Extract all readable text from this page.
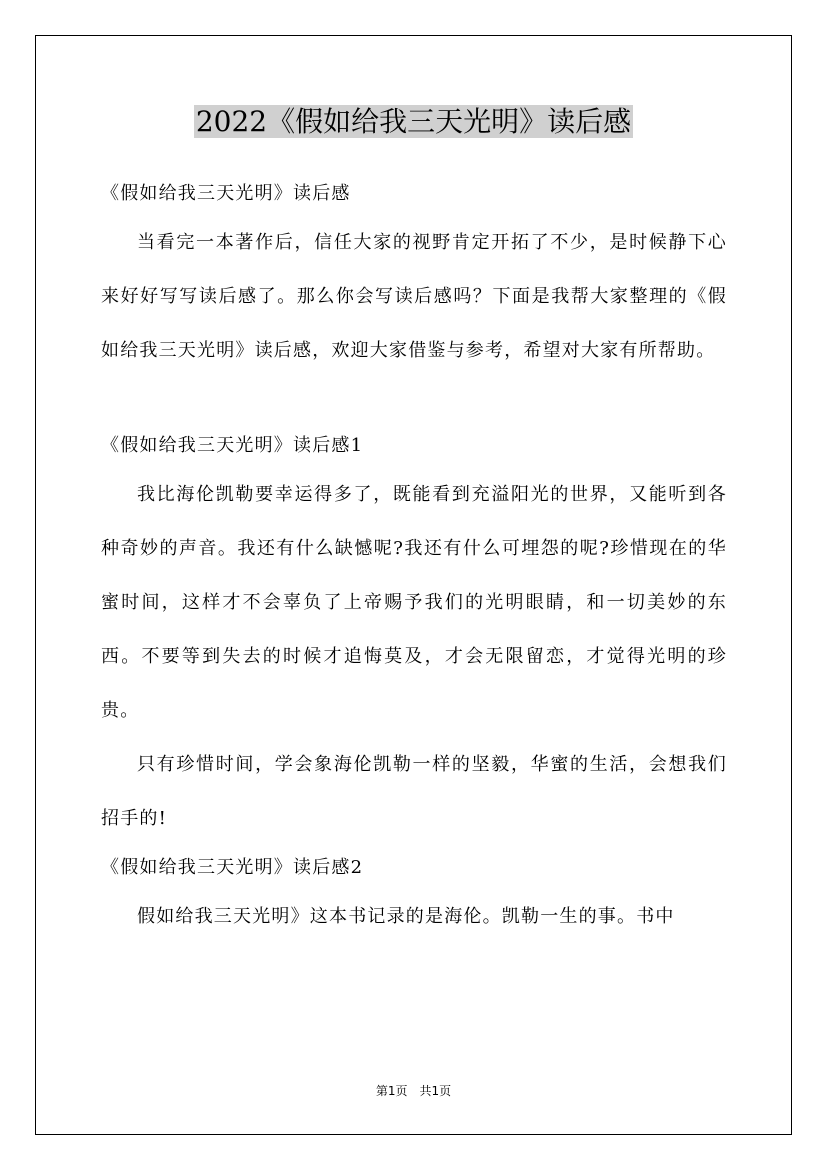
2022《假如给我三天光明》读后感

《假如给我三天光明》读后感

当看完一本著作后，信任大家的视野肯定开拓了不少，是时候静下心来好好写写读后感了。那么你会写读后感吗？下面是我帮大家整理的《假如给我三天光明》读后感，欢迎大家借鉴与参考，希望对大家有所帮助。

《假如给我三天光明》读后感1

我比海伦凯勒要幸运得多了，既能看到充溢阳光的世界，又能听到各种奇妙的声音。我还有什么缺憾呢?我还有什么可埋怨的呢?珍惜现在的华蜜时间，这样才不会辜负了上帝赐予我们的光明眼睛，和一切美妙的东西。不要等到失去的时候才追悔莫及，才会无限留恋，才觉得光明的珍贵。

只有珍惜时间，学会象海伦凯勒一样的坚毅，华蜜的生活，会想我们招手的!

《假如给我三天光明》读后感2

假如给我三天光明》这本书记录的是海伦。凯勒一生的事。书中

第1页　共1页
